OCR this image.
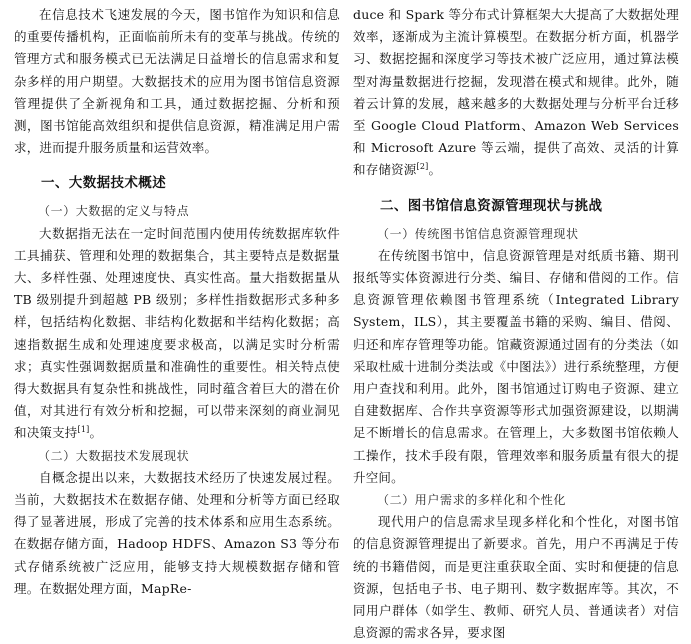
在信息技术飞速发展的今天，图书馆作为知识和信息的重要传播机构，正面临前所未有的变革与挑战。传统的管理方式和服务模式已无法满足日益增长的信息需求和复杂多样的用户期望。大数据技术的应用为图书馆信息资源管理提供了全新视角和工具，通过数据挖掘、分析和预测，图书馆能高效组织和提供信息资源，精准满足用户需求，进而提升服务质量和运营效率。

一、大数据技术概述
（一）大数据的定义与特点

大数据指无法在一定时间范围内使用传统数据库软件工具捕获、管理和处理的数据集合，其主要特点是数据量大、多样性强、处理速度快、真实性高。量大指数据量从 TB 级别提升到超越 PB 级别；多样性指数据形式多种多样，包括结构化数据、非结构化数据和半结构化数据；高速指数据生成和处理速度要求极高，以满足实时分析需求；真实性强调数据质量和准确性的重要性。相关特点使得大数据具有复杂性和挑战性，同时蕴含着巨大的潜在价值，对其进行有效分析和挖掘，可以带来深刻的商业洞见和决策支持[1]。

（二）大数据技术发展现状

自概念提出以来，大数据技术经历了快速发展过程。当前，大数据技术在数据存储、处理和分析等方面已经取得了显著进展，形成了完善的技术体系和应用生态系统。在数据存储方面，Hadoop HDFS、Amazon S3 等分布式存储系统被广泛应用，能够支持大规模数据存储和管理。在数据处理方面，MapRe-

duce 和 Spark 等分布式计算框架大大提高了大数据处理效率，逐渐成为主流计算模型。在数据分析方面，机器学习、数据挖掘和深度学习等技术被广泛应用，通过算法模型对海量数据进行挖掘，发现潜在模式和规律。此外，随着云计算的发展，越来越多的大数据处理与分析平台迁移至 Google Cloud Platform、Amazon Web Services 和 Microsoft Azure 等云端，提供了高效、灵活的计算和存储资源[2]。

二、图书馆信息资源管理现状与挑战
（一）传统图书馆信息资源管理现状

在传统图书馆中，信息资源管理是对纸质书籍、期刊报纸等实体资源进行分类、编目、存储和借阅的工作。信息资源管理依赖图书管理系统（Integrated Library System，ILS），其主要覆盖书籍的采购、编目、借阅、归还和库存管理等功能。馆藏资源通过固有的分类法（如采取杜威十进制分类法或《中图法》）进行系统整理，方便用户查找和利用。此外，图书馆通过订购电子资源、建立自建数据库、合作共享资源等形式加强资源建设，以期满足不断增长的信息需求。在管理上，大多数图书馆依赖人工操作，技术手段有限，管理效率和服务质量有很大的提升空间。

（二）用户需求的多样化和个性化

现代用户的信息需求呈现多样化和个性化，对图书馆的信息资源管理提出了新要求。首先，用户不再满足于传统的书籍借阅，而是更注重获取全面、实时和便捷的信息资源，包括电子书、电子期刊、数字数据库等。其次，不同用户群体（如学生、教师、研究人员、普通读者）对信息资源的需求各异，要求图
